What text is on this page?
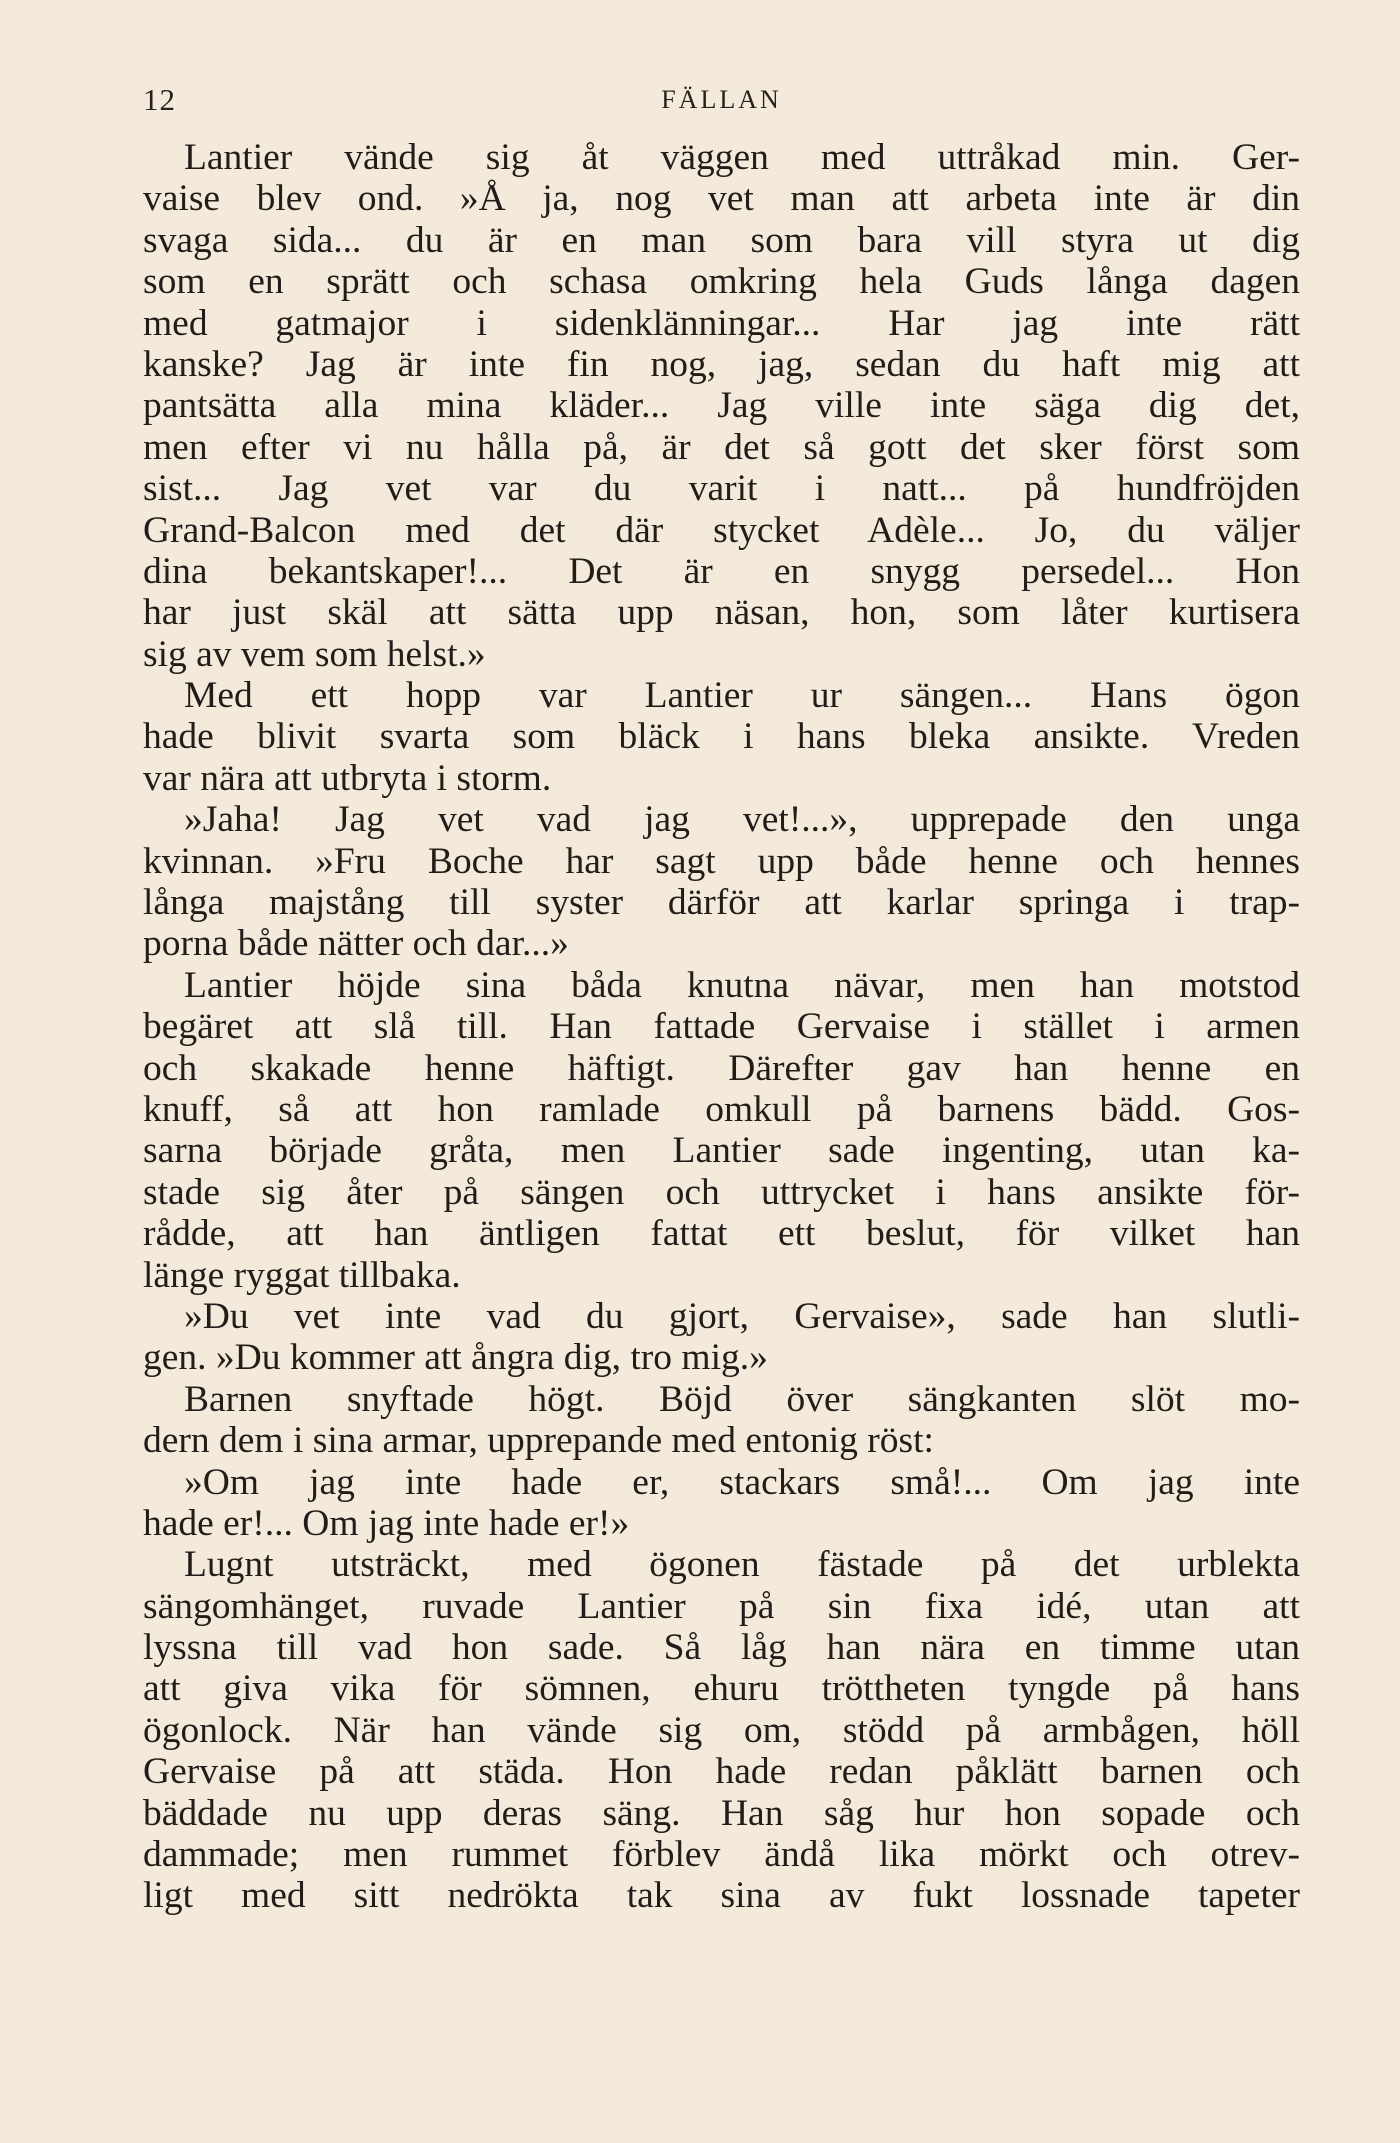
12	FÄLLAN
Lantier vände sig åt väggen med uttråkad min. Ger-
vaise blev ond. »Å ja, nog vet man att arbeta inte är din
svaga sida... du är en man som bara vill styra ut dig
som en sprätt och schasa omkring hela Guds långa dagen
med gatmajor i sidenklänningar... Har jag inte rätt
kanske? Jag är inte fin nog, jag, sedan du haft mig att
pantsätta alla mina kläder... Jag ville inte säga dig det,
men efter vi nu hålla på, är det så gott det sker först som
sist... Jag vet var du varit i natt... på hundfröjden
Grand-Balcon med det där stycket Adèle... Jo, du väljer
dina bekantskaper!... Det är en snygg persedel... Hon
har just skäl att sätta upp näsan, hon, som låter kurtisera
sig av vem som helst.»
Med ett hopp var Lantier ur sängen... Hans ögon
hade blivit svarta som bläck i hans bleka ansikte. Vreden
var nära att utbryta i storm.
»Jaha! Jag vet vad jag vet!...», upprepade den unga
kvinnan. »Fru Boche har sagt upp både henne och hennes
långa majstång till syster därför att karlar springa i trap-
porna både nätter och dar...»
Lantier höjde sina båda knutna nävar, men han motstod
begäret att slå till. Han fattade Gervaise i stället i armen
och skakade henne häftigt. Därefter gav han henne en
knuff, så att hon ramlade omkull på barnens bädd. Gos-
sarna började gråta, men Lantier sade ingenting, utan ka-
stade sig åter på sängen och uttrycket i hans ansikte för-
rådde, att han äntligen fattat ett beslut, för vilket han
länge ryggat tillbaka.
»Du vet inte vad du gjort, Gervaise», sade han slutli-
gen. »Du kommer att ångra dig, tro mig.»
Barnen snyftade högt. Böjd över sängkanten slöt mo-
dern dem i sina armar, upprepande med entonig röst:
»Om jag inte hade er, stackars små!... Om jag inte
hade er!... Om jag inte hade er!»
Lugnt utsträckt, med ögonen fästade på det urblekta
sängomhänget, ruvade Lantier på sin fixa idé, utan att
lyssna till vad hon sade. Så låg han nära en timme utan
att giva vika för sömnen, ehuru tröttheten tyngde på hans
ögonlock. När han vände sig om, stödd på armbågen, höll
Gervaise på att städa. Hon hade redan påklätt barnen och
bäddade nu upp deras säng. Han såg hur hon sopade och
dammade; men rummet förblev ändå lika mörkt och otrev-
ligt med sitt nedrökta tak sina av fukt lossnade tapeter
